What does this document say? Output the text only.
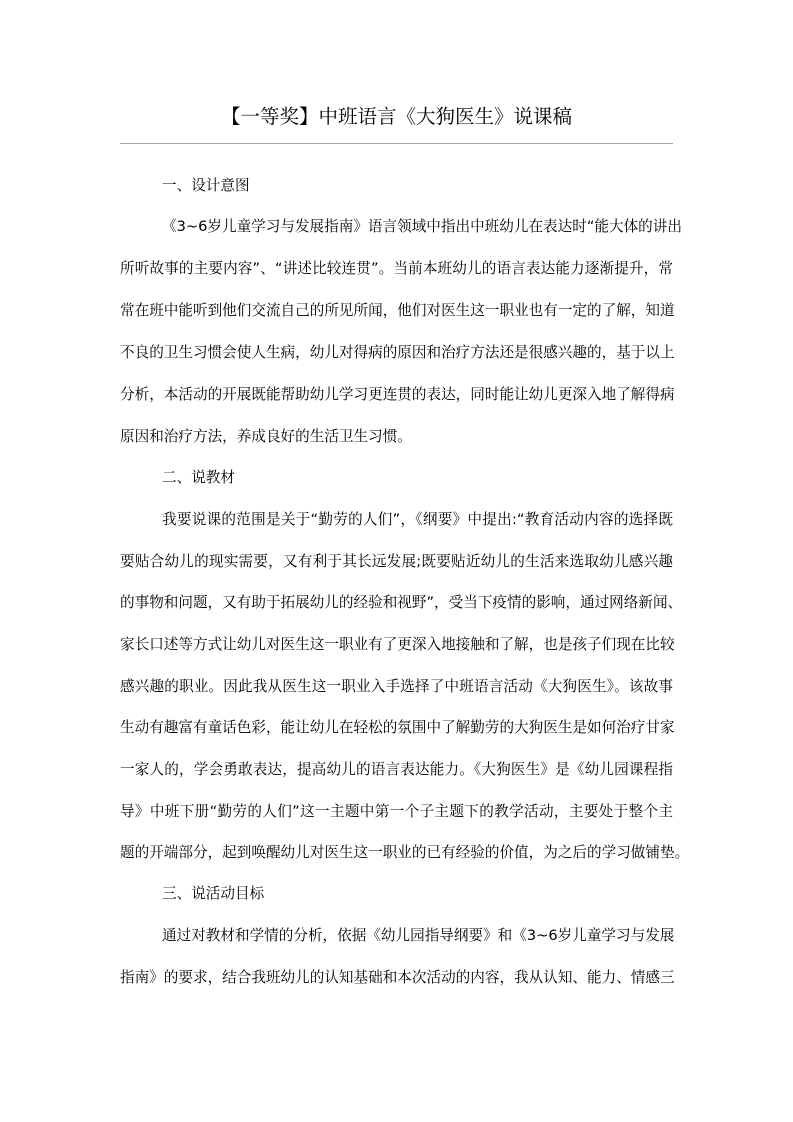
【一等奖】中班语言《大狗医生》说课稿
一、设计意图
《3~6岁儿童学习与发展指南》语言领域中指出中班幼儿在表达时“能大体的讲出
所听故事的主要内容”、“讲述比较连贯”。当前本班幼儿的语言表达能力逐渐提升，常
常在班中能听到他们交流自己的所见所闻，他们对医生这一职业也有一定的了解，知道
不良的卫生习惯会使人生病，幼儿对得病的原因和治疗方法还是很感兴趣的，基于以上
分析，本活动的开展既能帮助幼儿学习更连贯的表达，同时能让幼儿更深入地了解得病
原因和治疗方法，养成良好的生活卫生习惯。
二、说教材
我要说课的范围是关于“勤劳的人们”，《纲要》中提出:“教育活动内容的选择既
要贴合幼儿的现实需要，又有利于其长远发展;既要贴近幼儿的生活来选取幼儿感兴趣
的事物和问题，又有助于拓展幼儿的经验和视野”，受当下疫情的影响，通过网络新闻、
家长口述等方式让幼儿对医生这一职业有了更深入地接触和了解，也是孩子们现在比较
感兴趣的职业。因此我从医生这一职业入手选择了中班语言活动《大狗医生》。该故事
生动有趣富有童话色彩，能让幼儿在轻松的氛围中了解勤劳的大狗医生是如何治疗甘家
一家人的，学会勇敢表达，提高幼儿的语言表达能力。《大狗医生》是《幼儿园课程指
导》中班下册“勤劳的人们”这一主题中第一个子主题下的教学活动，主要处于整个主
题的开端部分，起到唤醒幼儿对医生这一职业的已有经验的价值，为之后的学习做铺垫。
三、说活动目标
通过对教材和学情的分析，依据《幼儿园指导纲要》和《3~6岁儿童学习与发展
指南》的要求，结合我班幼儿的认知基础和本次活动的内容，我从认知、能力、情感三
